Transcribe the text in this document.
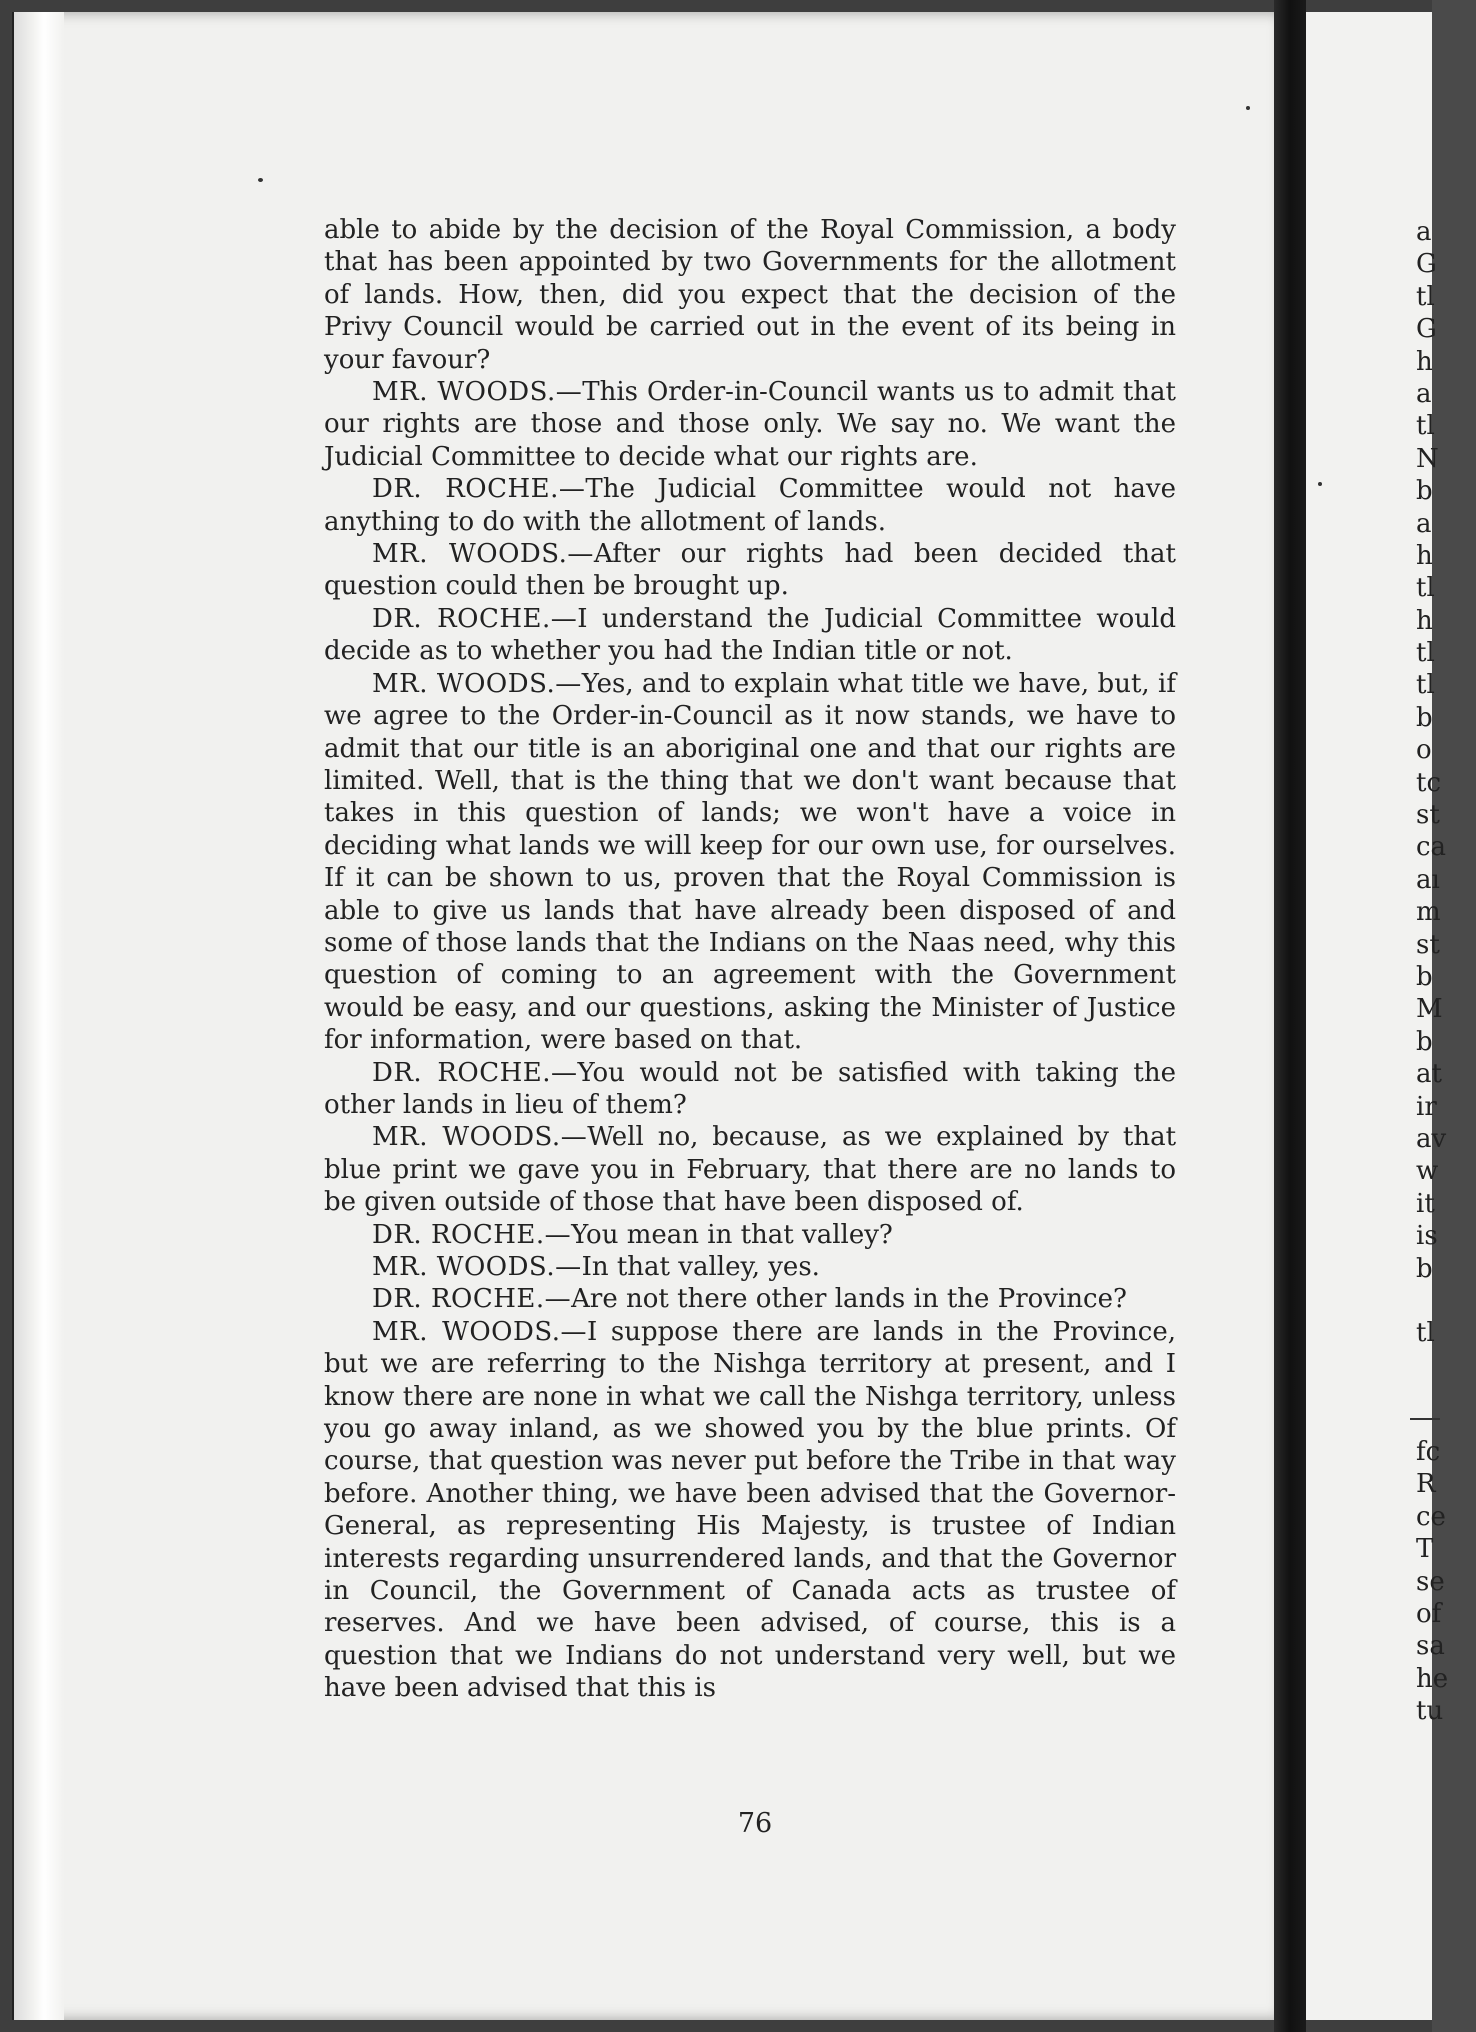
able to abide by the decision of the Royal Commission, a body that has been appointed by two Governments for the allotment of lands. How, then, did you expect that the decision of the Privy Council would be carried out in the event of its being in your favour?

MR. WOODS.—This Order-in-Council wants us to admit that our rights are those and those only. We say no. We want the Judicial Committee to decide what our rights are.

DR. ROCHE.—The Judicial Committee would not have anything to do with the allotment of lands.

MR. WOODS.—After our rights had been decided that question could then be brought up.

DR. ROCHE.—I understand the Judicial Committee would decide as to whether you had the Indian title or not.

MR. WOODS.—Yes, and to explain what title we have, but, if we agree to the Order-in-Council as it now stands, we have to admit that our title is an aboriginal one and that our rights are limited. Well, that is the thing that we don't want because that takes in this question of lands; we won't have a voice in deciding what lands we will keep for our own use, for ourselves. If it can be shown to us, proven that the Royal Commission is able to give us lands that have already been disposed of and some of those lands that the Indians on the Naas need, why this question of coming to an agreement with the Government would be easy, and our questions, asking the Minister of Justice for information, were based on that.

DR. ROCHE.—You would not be satisfied with taking the other lands in lieu of them?

MR. WOODS.—Well no, because, as we explained by that blue print we gave you in February, that there are no lands to be given outside of those that have been disposed of.

DR. ROCHE.—You mean in that valley?

MR. WOODS.—In that valley, yes.

DR. ROCHE.—Are not there other lands in the Province?

MR. WOODS.—I suppose there are lands in the Province, but we are referring to the Nishga territory at present, and I know there are none in what we call the Nishga territory, unless you go away inland, as we showed you by the blue prints. Of course, that question was never put before the Tribe in that way before. Another thing, we have been advised that the Governor-General, as representing His Majesty, is trustee of Indian interests regarding unsurrendered lands, and that the Governor in Council, the Government of Canada acts as trustee of reserves. And we have been advised, of course, this is a question that we Indians do not understand very well, but we have been advised that this is

76
a
G
tl
G
h
a
tl
N
b
a
h
tl
h
tl
tl
b
o
tc
st
ca
aı
m
st
b
M
b
at
ir
av
w
it
is
b
tl
fc
R
ce
T
se
of
sa
he
tu
